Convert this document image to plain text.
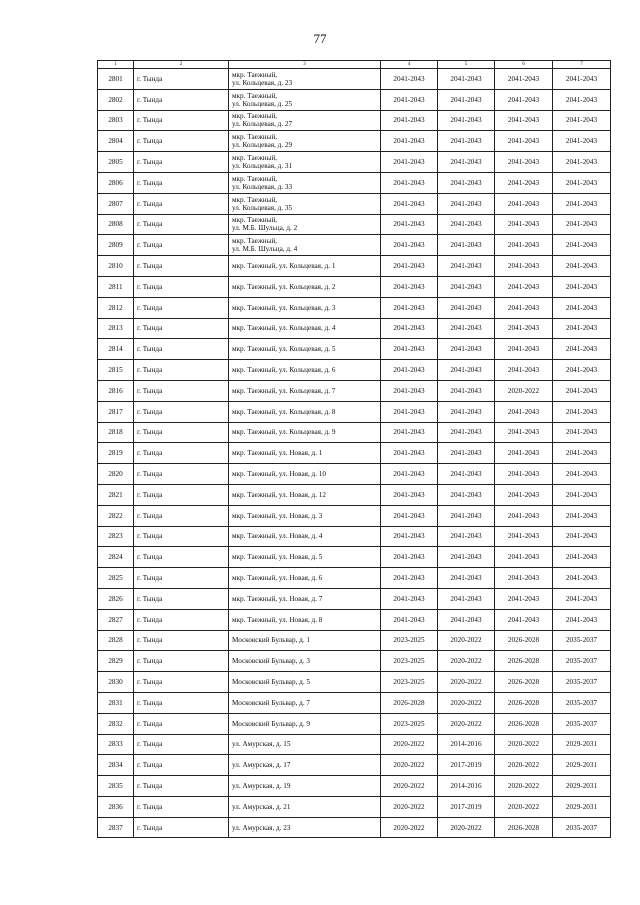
77
1	2	3	4	5	6	7
2801	г. Тында	мкр. Таежный,
ул. Кольцевая, д. 23	2041-2043	2041-2043	2041-2043	2041-2043
2802	г. Тында	мкр. Таежный,
ул. Кольцевая, д. 25	2041-2043	2041-2043	2041-2043	2041-2043
2803	г. Тында	мкр. Таежный,
ул. Кольцевая, д. 27	2041-2043	2041-2043	2041-2043	2041-2043
2804	г. Тында	мкр. Таежный,
ул. Кольцевая, д. 29	2041-2043	2041-2043	2041-2043	2041-2043
2805	г. Тында	мкр. Таежный,
ул. Кольцевая, д. 31	2041-2043	2041-2043	2041-2043	2041-2043
2806	г. Тында	мкр. Таежный,
ул. Кольцевая, д. 33	2041-2043	2041-2043	2041-2043	2041-2043
2807	г. Тында	мкр. Таежный,
ул. Кольцевая, д. 35	2041-2043	2041-2043	2041-2043	2041-2043
2808	г. Тында	мкр. Таежный,
ул. М.Б. Шульца, д. 2	2041-2043	2041-2043	2041-2043	2041-2043
2809	г. Тында	мкр. Таежный,
ул. М.Б. Шульца, д. 4	2041-2043	2041-2043	2041-2043	2041-2043
2810	г. Тында	мкр. Таежный, ул. Кольцевая, д. 1	2041-2043	2041-2043	2041-2043	2041-2043
2811	г. Тында	мкр. Таежный, ул. Кольцевая, д. 2	2041-2043	2041-2043	2041-2043	2041-2043
2812	г. Тында	мкр. Таежный, ул. Кольцевая, д. 3	2041-2043	2041-2043	2041-2043	2041-2043
2813	г. Тында	мкр. Таежный, ул. Кольцевая, д. 4	2041-2043	2041-2043	2041-2043	2041-2043
2814	г. Тында	мкр. Таежный, ул. Кольцевая, д. 5	2041-2043	2041-2043	2041-2043	2041-2043
2815	г. Тында	мкр. Таежный, ул. Кольцевая, д. 6	2041-2043	2041-2043	2041-2043	2041-2043
2816	г. Тында	мкр. Таежный, ул. Кольцевая, д. 7	2041-2043	2041-2043	2020-2022	2041-2043
2817	г. Тында	мкр. Таежный, ул. Кольцевая, д. 8	2041-2043	2041-2043	2041-2043	2041-2043
2818	г. Тында	мкр. Таежный, ул. Кольцевая, д. 9	2041-2043	2041-2043	2041-2043	2041-2043
2819	г. Тында	мкр. Таежный, ул. Новая, д. 1	2041-2043	2041-2043	2041-2043	2041-2043
2820	г. Тында	мкр. Таежный, ул. Новая, д. 10	2041-2043	2041-2043	2041-2043	2041-2043
2821	г. Тында	мкр. Таежный, ул. Новая, д. 12	2041-2043	2041-2043	2041-2043	2041-2043
2822	г. Тында	мкр. Таежный, ул. Новая, д. 3	2041-2043	2041-2043	2041-2043	2041-2043
2823	г. Тында	мкр. Таежный, ул. Новая, д. 4	2041-2043	2041-2043	2041-2043	2041-2043
2824	г. Тында	мкр. Таежный, ул. Новая, д. 5	2041-2043	2041-2043	2041-2043	2041-2043
2825	г. Тында	мкр. Таежный, ул. Новая, д. 6	2041-2043	2041-2043	2041-2043	2041-2043
2826	г. Тында	мкр. Таежный, ул. Новая, д. 7	2041-2043	2041-2043	2041-2043	2041-2043
2827	г. Тында	мкр. Таежный, ул. Новая, д. 8	2041-2043	2041-2043	2041-2043	2041-2043
2828	г. Тында	Московский Бульвар, д. 1	2023-2025	2020-2022	2026-2028	2035-2037
2829	г. Тында	Московский Бульвар, д. 3	2023-2025	2020-2022	2026-2028	2035-2037
2830	г. Тында	Московский Бульвар, д. 5	2023-2025	2020-2022	2026-2028	2035-2037
2831	г. Тында	Московский Бульвар, д. 7	2026-2028	2020-2022	2026-2028	2035-2037
2832	г. Тында	Московский Бульвар, д. 9	2023-2025	2020-2022	2026-2028	2035-2037
2833	г. Тында	ул. Амурская, д. 15	2020-2022	2014-2016	2020-2022	2029-2031
2834	г. Тында	ул. Амурская, д. 17	2020-2022	2017-2019	2020-2022	2029-2031
2835	г. Тында	ул. Амурская, д. 19	2020-2022	2014-2016	2020-2022	2029-2031
2836	г. Тында	ул. Амурская, д. 21	2020-2022	2017-2019	2020-2022	2029-2031
2837	г. Тында	ул. Амурская, д. 23	2020-2022	2020-2022	2026-2028	2035-2037
